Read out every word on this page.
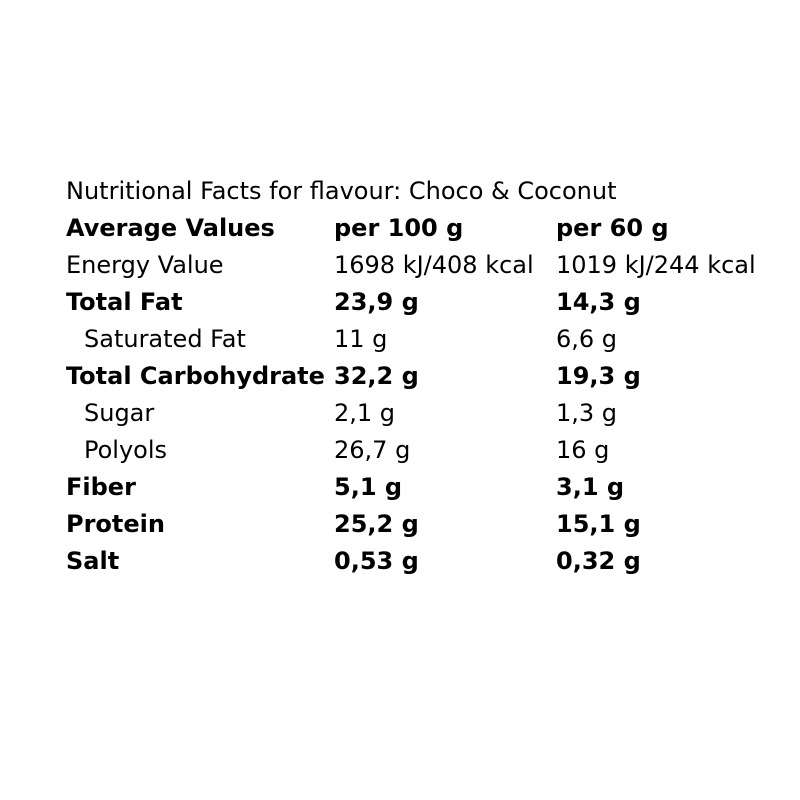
Nutritional Facts for flavour: Choco & Coconut
Average Values	per 100 g	per 60 g
Energy Value	1698 kJ/408 kcal	1019 kJ/244 kcal
Total Fat	23,9 g	14,3 g
Saturated Fat	11 g	6,6 g
Total Carbohydrate	32,2 g	19,3 g
Sugar	2,1 g	1,3 g
Polyols	26,7 g	16 g
Fiber	5,1 g	3,1 g
Protein	25,2 g	15,1 g
Salt	0,53 g	0,32 g
